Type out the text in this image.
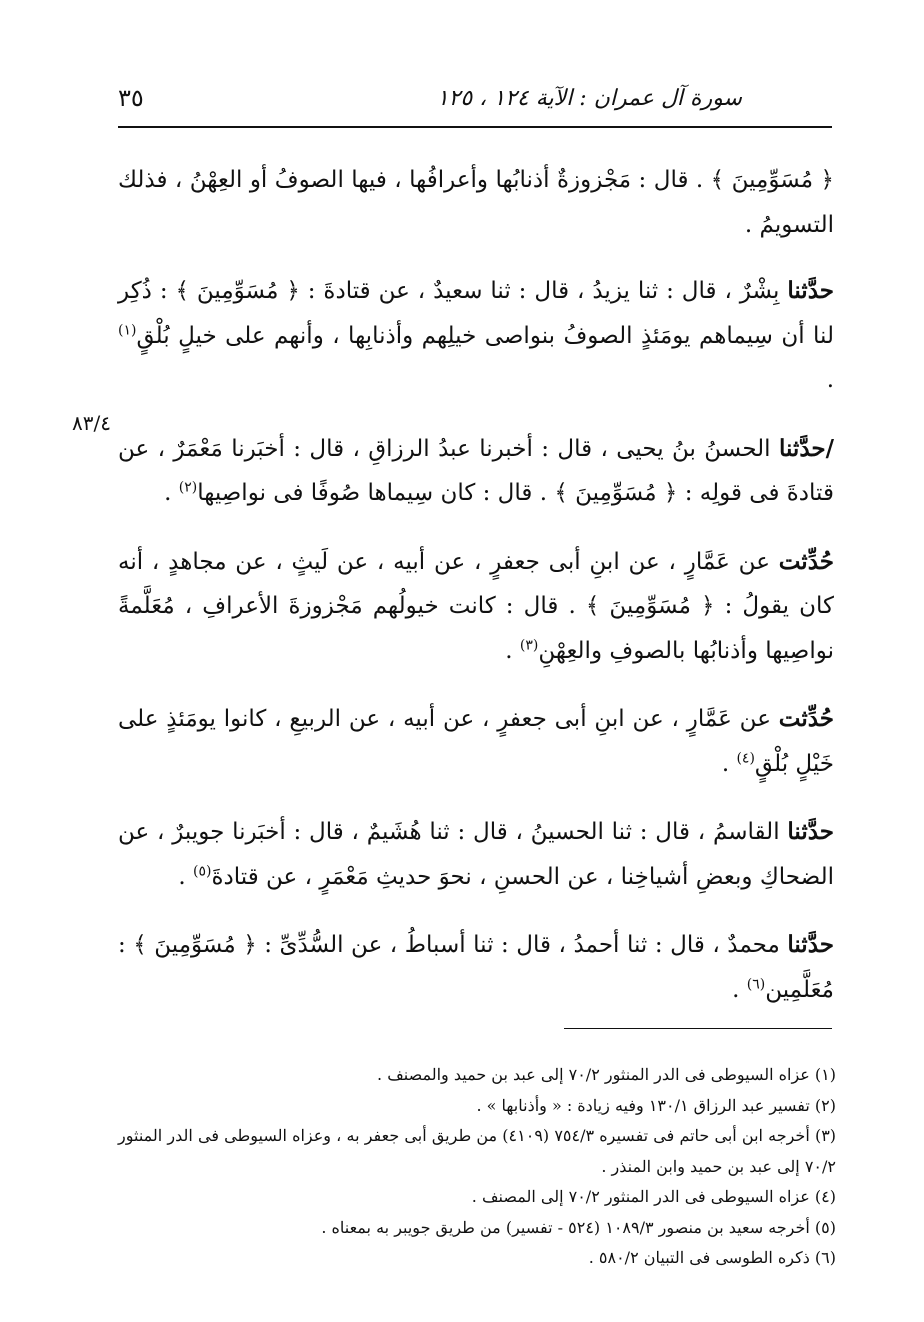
سورة آل عمران : الآية ١٢٤ ، ١٢٥
٣٥
٨٣/٤

﴿ مُسَوِّمِينَ ﴾ . قال : مَجْزوزةٌ أذنابُها وأعرافُها ، فيها الصوفُ أو العِهْنُ ، فذلك التسويمُ .

حدَّثنا بِشْرٌ ، قال : ثنا يزيدُ ، قال : ثنا سعيدٌ ، عن قتادةَ : ﴿ مُسَوِّمِينَ ﴾ : ذُكِر لنا أن سِيماهم يومَئذٍ الصوفُ بنواصى خيلِهم وأذنابِها ، وأنهم على خيلٍ بُلْقٍ$^{(١)}$ .

/حدَّثنا الحسنُ بنُ يحيى ، قال : أخبرنا عبدُ الرزاقِ ، قال : أخبَرنا مَعْمَرٌ ، عن قتادةَ فى قولِه : ﴿ مُسَوِّمِينَ ﴾ . قال : كان سِيماها صُوفًا فى نواصِيها$^{(٢)}$ .

حُدِّثت عن عَمَّارٍ ، عن ابنِ أبى جعفرٍ ، عن أبيه ، عن لَيثٍ ، عن مجاهدٍ ، أنه كان يقولُ : ﴿ مُسَوِّمِينَ ﴾ . قال : كانت خيولُهم مَجْزوزةَ الأعرافِ ، مُعَلَّمةً نواصِيها وأذنابُها بالصوفِ والعِهْنِ$^{(٣)}$ .

حُدِّثت عن عَمَّارٍ ، عن ابنِ أبى جعفرٍ ، عن أبيه ، عن الربيعِ ، كانوا يومَئذٍ على خَيْلٍ بُلْقٍ$^{(٤)}$ .

حدَّثنا القاسمُ ، قال : ثنا الحسينُ ، قال : ثنا هُشَيمٌ ، قال : أخبَرنا جويبرٌ ، عن الضحاكِ وبعضِ أشياخِنا ، عن الحسنِ ، نحوَ حديثِ مَعْمَرٍ ، عن قتادةَ$^{(٥)}$ .

حدَّثنا محمدٌ ، قال : ثنا أحمدُ ، قال : ثنا أسباطُ ، عن السُّدِّىِّ : ﴿ مُسَوِّمِينَ ﴾ : مُعَلَّمِين$^{(٦)}$ .

(١) عزاه السيوطى فى الدر المنثور ٧٠/٢ إلى عبد بن حميد والمصنف .

(٢) تفسير عبد الرزاق ١٣٠/١ وفيه زيادة : « وأذنابها » .

(٣) أخرجه ابن أبى حاتم فى تفسيره ٧٥٤/٣ (٤١٠٩) من طريق أبى جعفر به ، وعزاه السيوطى فى الدر المنثور ٧٠/٢ إلى عبد بن حميد وابن المنذر .

(٤) عزاه السيوطى فى الدر المنثور ٧٠/٢ إلى المصنف .

(٥) أخرجه سعيد بن منصور ١٠٨٩/٣ (٥٢٤ - تفسير) من طريق جويبر به بمعناه .

(٦) ذكره الطوسى فى التبيان ٥٨٠/٢ .
